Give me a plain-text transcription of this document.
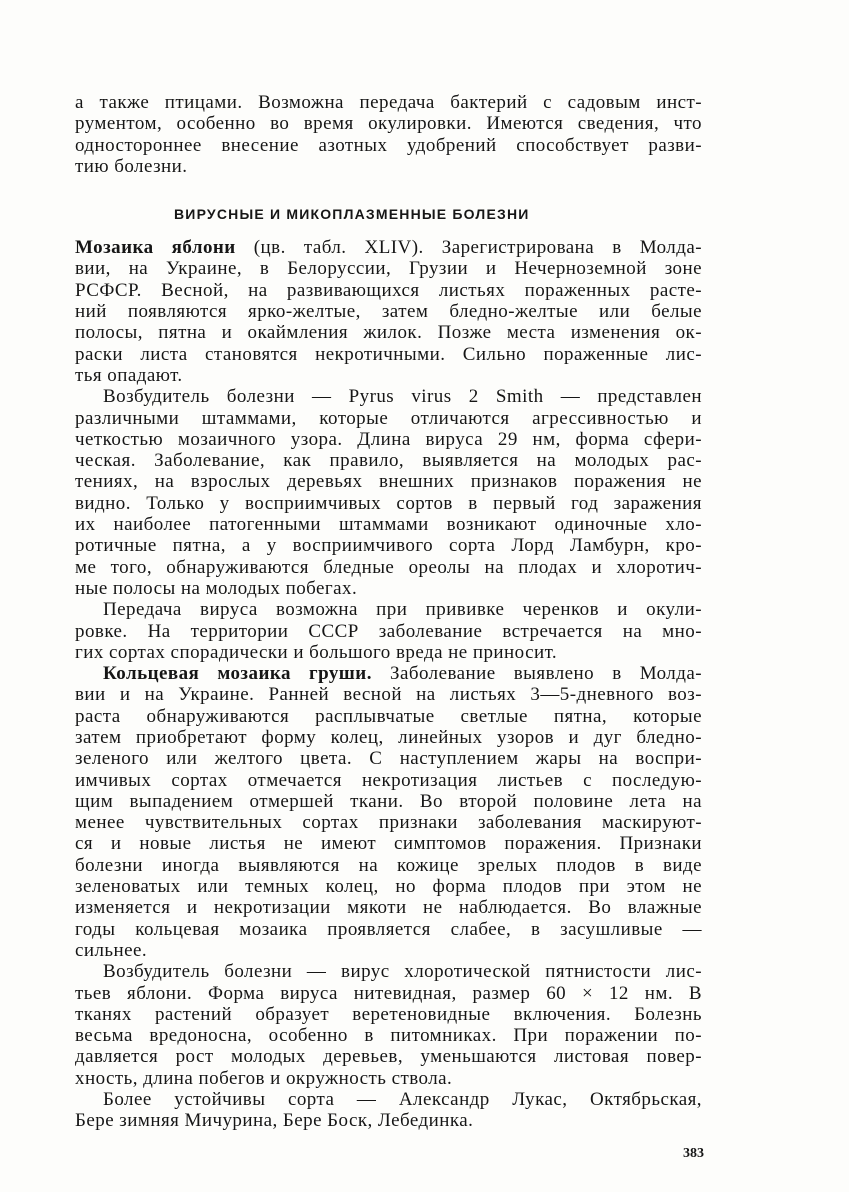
а также птицами. Возможна передача бактерий с садовым инст-
рументом, особенно во время окулировки. Имеются сведения, что
одностороннее внесение азотных удобрений способствует разви-
тию болезни.
ВИРУСНЫЕ И МИКОПЛАЗМЕННЫЕ БОЛЕЗНИ
Мозаика яблони (цв. табл. XLIV). Зарегистрирована в Молда-
вии, на Украине, в Белоруссии, Грузии и Нечерноземной зоне
РСФСР. Весной, на развивающихся листьях пораженных расте-
ний появляются ярко-желтые, затем бледно-желтые или белые
полосы, пятна и окаймления жилок. Позже места изменения ок-
раски листа становятся некротичными. Сильно пораженные лис-
тья опадают.
Возбудитель болезни — Pyrus virus 2 Smith — представлен
различными штаммами, которые отличаются агрессивностью и
четкостью мозаичного узора. Длина вируса 29 нм, форма сфери-
ческая. Заболевание, как правило, выявляется на молодых рас-
тениях, на взрослых деревьях внешних признаков поражения не
видно. Только у восприимчивых сортов в первый год заражения
их наиболее патогенными штаммами возникают одиночные хло-
ротичные пятна, а у восприимчивого сорта Лорд Ламбурн, кро-
ме того, обнаруживаются бледные ореолы на плодах и хлоротич-
ные полосы на молодых побегах.
Передача вируса возможна при прививке черенков и окули-
ровке. На территории СССР заболевание встречается на мно-
гих сортах спорадически и большого вреда не приносит.
Кольцевая мозаика груши. Заболевание выявлено в Молда-
вии и на Украине. Ранней весной на листьях 3—5-дневного воз-
раста обнаруживаются расплывчатые светлые пятна, которые
затем приобретают форму колец, линейных узоров и дуг бледно-
зеленого или желтого цвета. С наступлением жары на воспри-
имчивых сортах отмечается некротизация листьев с последую-
щим выпадением отмершей ткани. Во второй половине лета на
менее чувствительных сортах признаки заболевания маскируют-
ся и новые листья не имеют симптомов поражения. Признаки
болезни иногда выявляются на кожице зрелых плодов в виде
зеленоватых или темных колец, но форма плодов при этом не
изменяется и некротизации мякоти не наблюдается. Во влажные
годы кольцевая мозаика проявляется слабее, в засушливые —
сильнее.
Возбудитель болезни — вирус хлоротической пятнистости лис-
тьев яблони. Форма вируса нитевидная, размер 60 × 12 нм. В
тканях растений образует веретеновидные включения. Болезнь
весьма вредоносна, особенно в питомниках. При поражении по-
давляется рост молодых деревьев, уменьшаются листовая повер-
хность, длина побегов и окружность ствола.
Более устойчивы сорта — Александр Лукас, Октябрьская,
Бере зимняя Мичурина, Бере Боск, Лебединка.
383
